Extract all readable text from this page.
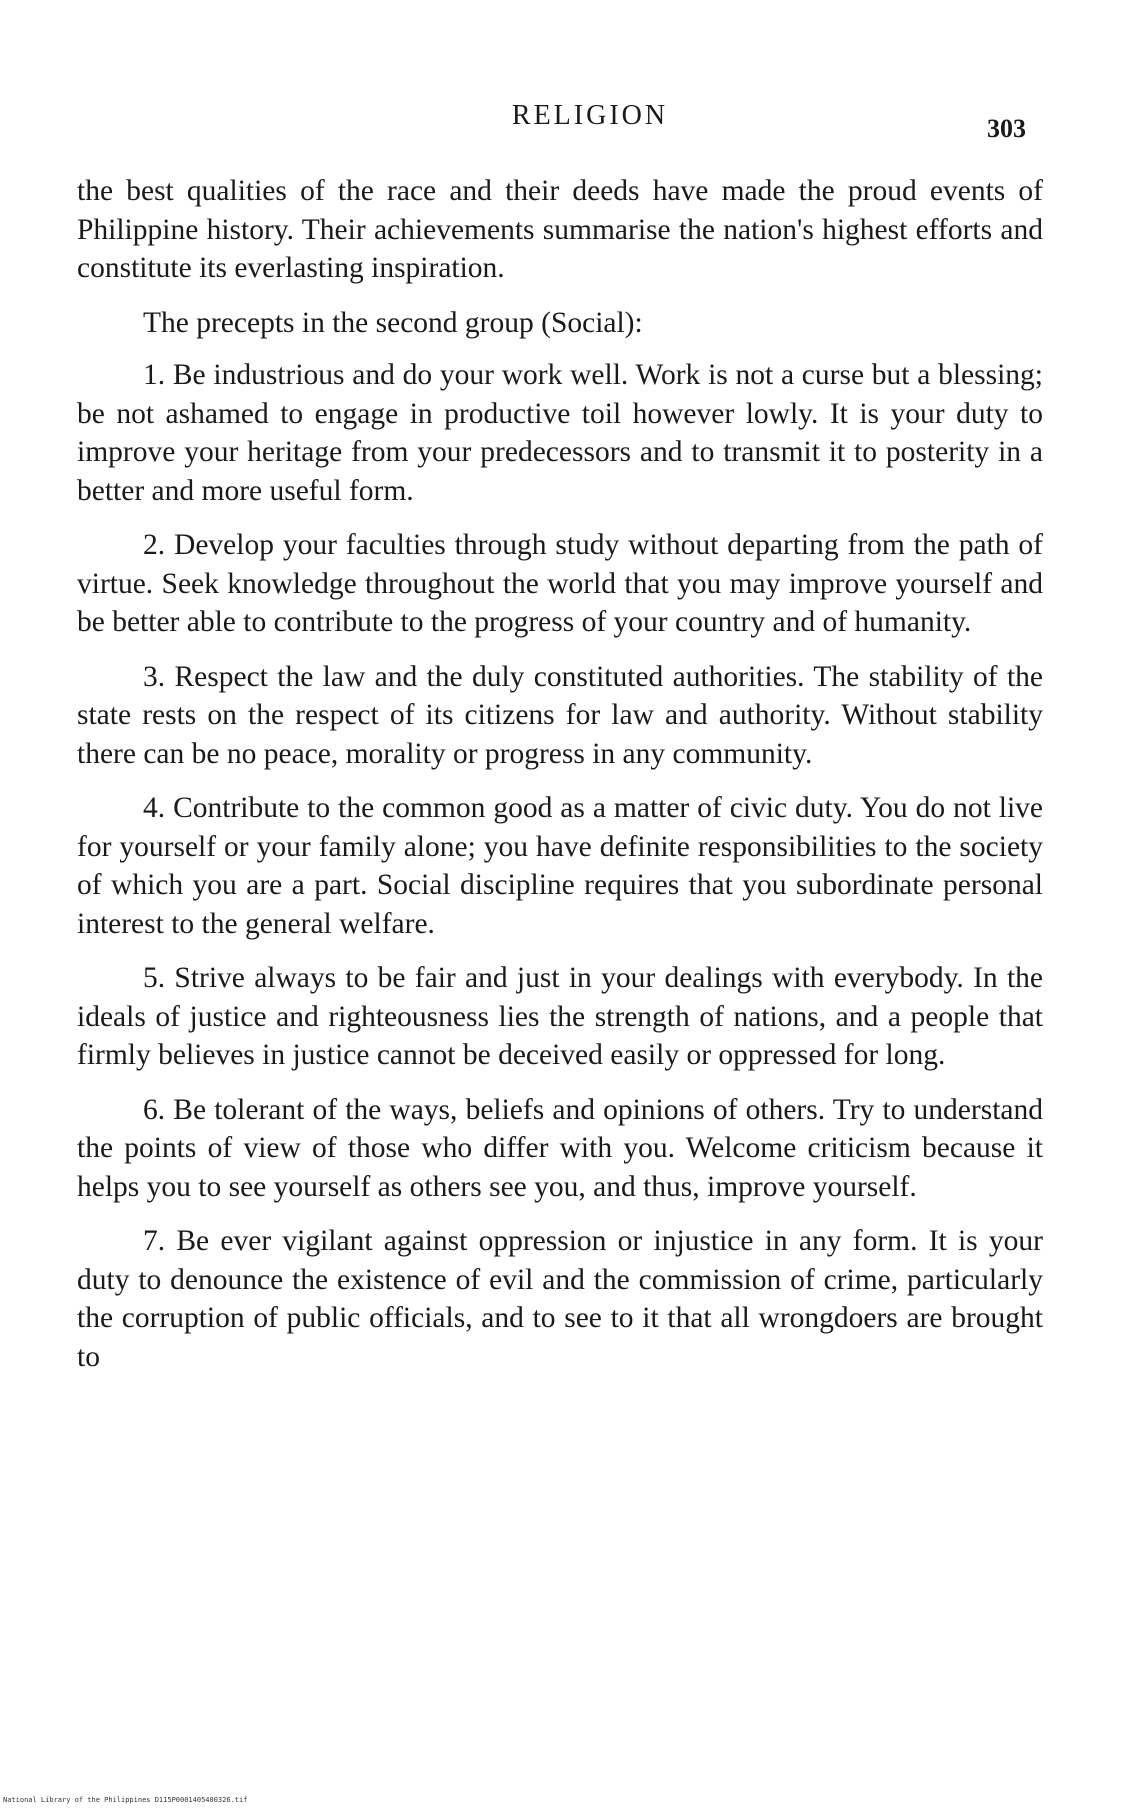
RELIGION	303

the best qualities of the race and their deeds have made the proud events of Philippine history. Their achievements summarise the nation's highest efforts and constitute its everlasting inspiration.

The precepts in the second group (Social):

1. Be industrious and do your work well. Work is not a curse but a blessing; be not ashamed to engage in productive toil however lowly. It is your duty to improve your heritage from your predecessors and to transmit it to posterity in a better and more useful form.

2. Develop your faculties through study without departing from the path of virtue. Seek knowledge throughout the world that you may improve yourself and be better able to contribute to the progress of your country and of humanity.

3. Respect the law and the duly constituted authorities. The stability of the state rests on the respect of its citizens for law and authority. Without stability there can be no peace, morality or progress in any community.

4. Contribute to the common good as a matter of civic duty. You do not live for yourself or your family alone; you have definite responsibilities to the society of which you are a part. Social discipline requires that you subordinate personal interest to the general welfare.

5. Strive always to be fair and just in your dealings with everybody. In the ideals of justice and righteousness lies the strength of nations, and a people that firmly believes in justice cannot be deceived easily or oppressed for long.

6. Be tolerant of the ways, beliefs and opinions of others. Try to understand the points of view of those who differ with you. Welcome criticism because it helps you to see yourself as others see you, and thus, improve yourself.

7. Be ever vigilant against oppression or injustice in any form. It is your duty to denounce the existence of evil and the commission of crime, particularly the corruption of public officials, and to see to it that all wrongdoers are brought to

National Library of the Philippines D115P0001405400326.tif
